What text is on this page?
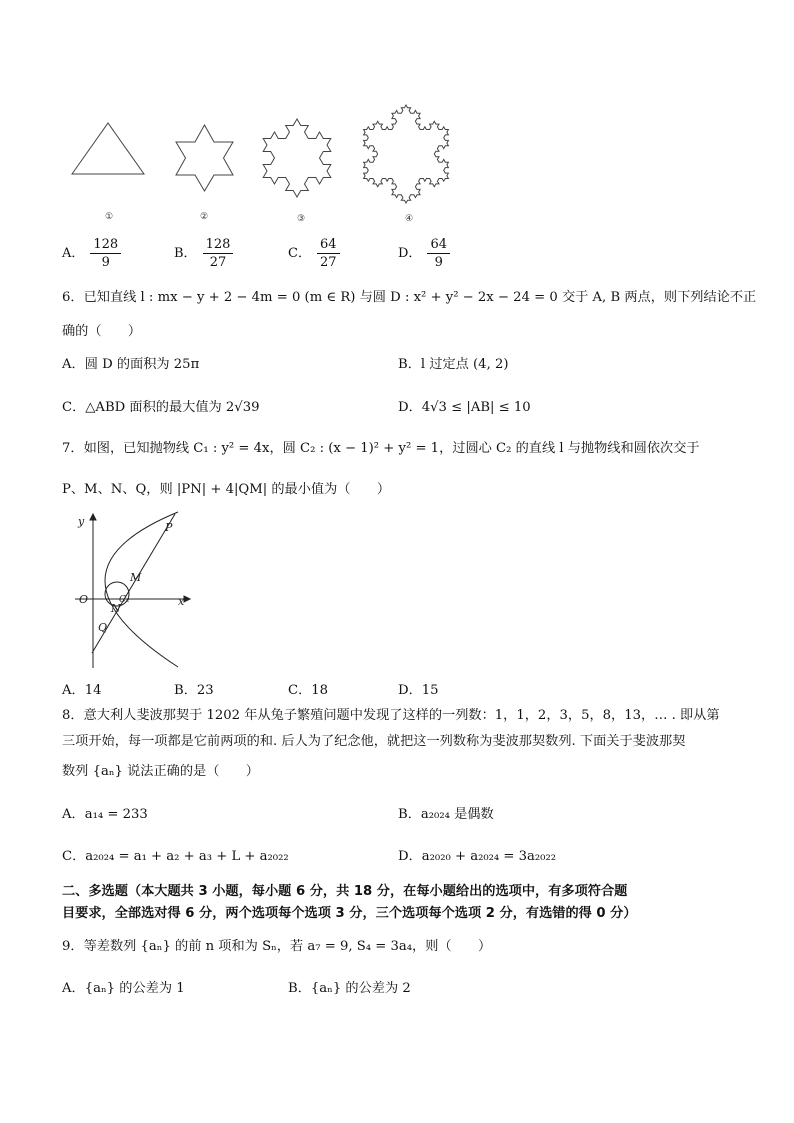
①	②	③	④
A． $\frac{128}{9}$	B． $\frac{128}{27}$	C． $\frac{64}{27}$	D． $\frac{64}{9}$
6．已知直线 l : mx − y + 2 − 4m = 0 (m ∈ R) 与圆 D : x² + y² − 2x − 24 = 0 交于 A, B 两点，则下列结论不正
确的（　　）
A．圆 D 的面积为 25π	B．l 过定点 (4, 2)
C．△ABD 面积的最大值为 2√39	D．4√3 ≤ |AB| ≤ 10
7．如图，已知抛物线 C₁ : y² = 4x，圆 C₂ : (x − 1)² + y² = 1，过圆心 C₂ 的直线 l 与抛物线和圆依次交于
P、M、N、Q，则 |PN| + 4|QM| 的最小值为（　　）
y
x
O
P
M
N
Q
C₂
A．14	B．23	C．18	D．15
8．意大利人斐波那契于 1202 年从兔子繁殖问题中发现了这样的一列数：1，1，2，3，5，8，13，… . 即从第
三项开始，每一项都是它前两项的和. 后人为了纪念他，就把这一列数称为斐波那契数列. 下面关于斐波那契
数列 {aₙ} 说法正确的是（　　）
A．a₁₄ = 233	B．a₂₀₂₄ 是偶数
C．a₂₀₂₄ = a₁ + a₂ + a₃ + L + a₂₀₂₂	D．a₂₀₂₀ + a₂₀₂₄ = 3a₂₀₂₂
二、多选题（本大题共 3 小题，每小题 6 分，共 18 分，在每小题给出的选项中，有多项符合题
目要求，全部选对得 6 分，两个选项每个选项 3 分，三个选项每个选项 2 分，有选错的得 0 分）
9．等差数列 {aₙ} 的前 n 项和为 Sₙ，若 a₇ = 9, S₄ = 3a₄，则（　　）
A．{aₙ} 的公差为 1	B．{aₙ} 的公差为 2
